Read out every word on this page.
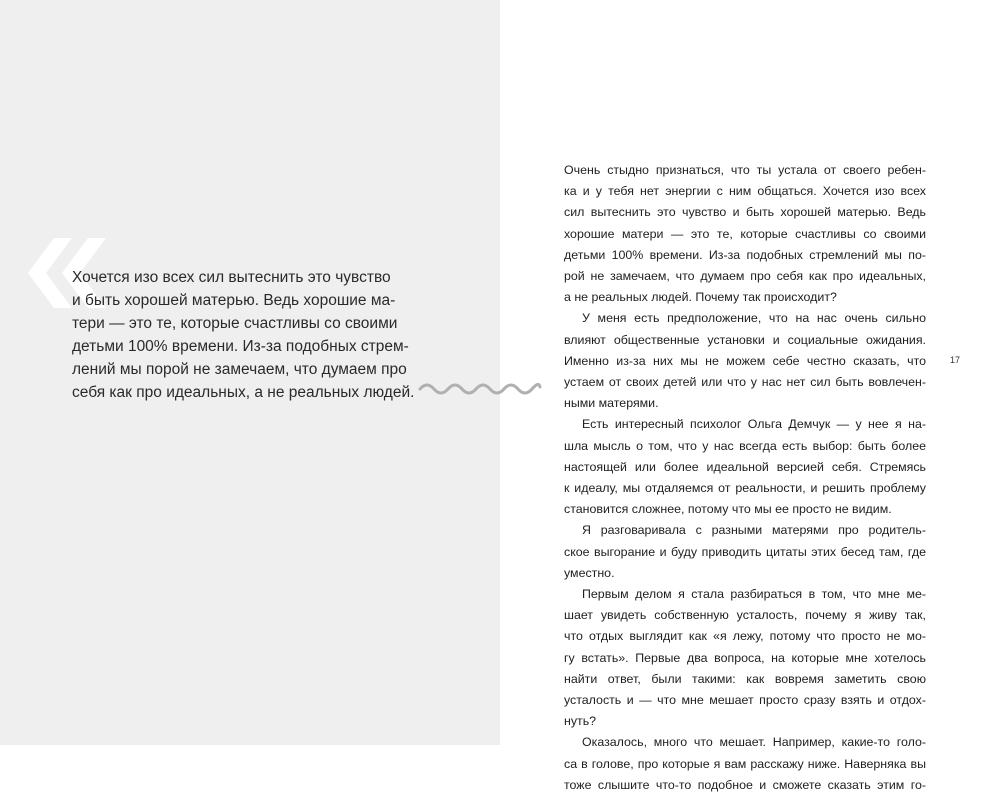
Хочется изо всех сил вытеснить это чувство
и быть хорошей матерью. Ведь хорошие ма-
тери — это те, которые счастливы со своими
детьми 100% времени. Из-за подобных стрем-
лений мы порой не замечаем, что думаем про
себя как про идеальных, а не реальных людей.
Очень стыдно признаться, что ты устала от своего ребен-
ка и у тебя нет энергии с ним общаться. Хочется изо всех
сил вытеснить это чувство и быть хорошей матерью. Ведь
хорошие матери — это те, которые счастливы со своими
детьми 100% времени. Из-за подобных стремлений мы по-
рой не замечаем, что думаем про себя как про идеальных,
а не реальных людей. Почему так происходит?
У меня есть предположение, что на нас очень сильно
влияют общественные установки и социальные ожидания.
Именно из-за них мы не можем себе честно сказать, что
устаем от своих детей или что у нас нет сил быть вовлечен-
ными матерями.
Есть интересный психолог Ольга Демчук — у нее я на-
шла мысль о том, что у нас всегда есть выбор: быть более
настоящей или более идеальной версией себя. Стремясь
к идеалу, мы отдаляемся от реальности, и решить проблему
становится сложнее, потому что мы ее просто не видим.
Я разговаривала с разными матерями про родитель-
ское выгорание и буду приводить цитаты этих бесед там, где
уместно.
Первым делом я стала разбираться в том, что мне ме-
шает увидеть собственную усталость, почему я живу так,
что отдых выглядит как «я лежу, потому что просто не мо-
гу встать». Первые два вопроса, на которые мне хотелось
найти ответ, были такими: как вовремя заметить свою
усталость и — что мне мешает просто сразу взять и отдох-
нуть?
Оказалось, много что мешает. Например, какие-то голо-
са в голове, про которые я вам расскажу ниже. Наверняка вы
тоже слышите что-то подобное и сможете сказать этим го-
17
